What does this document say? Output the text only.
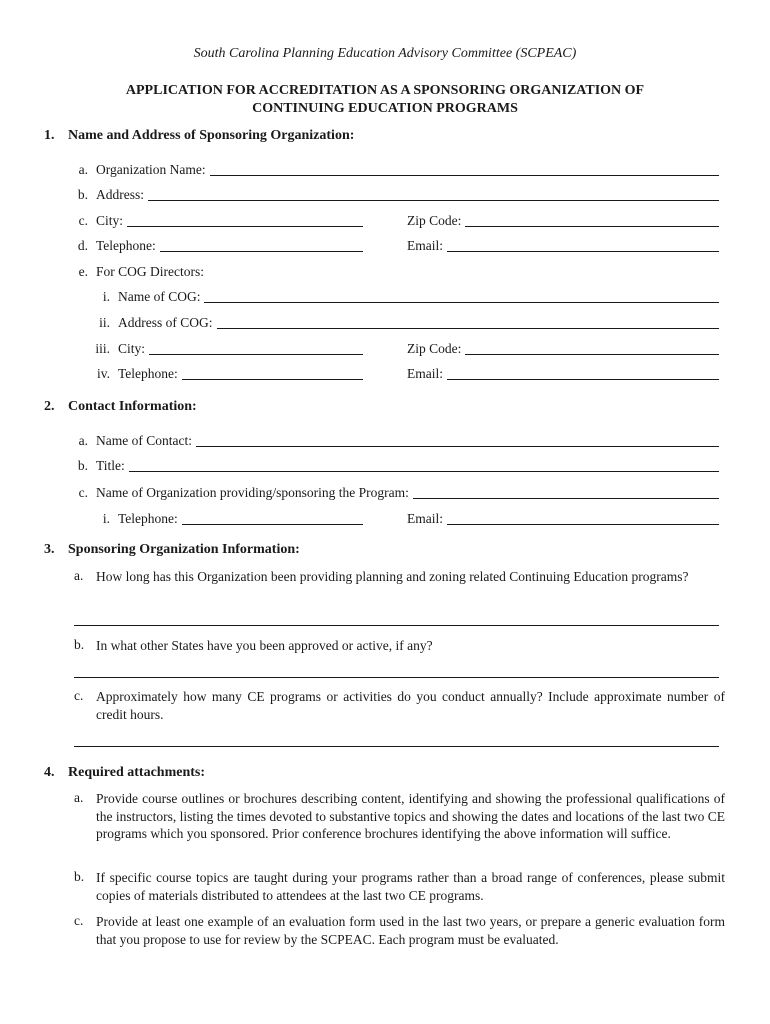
South Carolina Planning Education Advisory Committee (SCPEAC)
APPLICATION FOR ACCREDITATION AS A SPONSORING ORGANIZATION OF
CONTINUING EDUCATION PROGRAMS
1. Name and Address of Sponsoring Organization:
a. Organization Name:
b. Address:
c. City:	Zip Code:
d. Telephone:	Email:
e. For COG Directors:
i. Name of COG:
ii. Address of COG:
iii. City:	Zip Code:
iv. Telephone:	Email:
2. Contact Information:
a. Name of Contact:
b. Title:
c. Name of Organization providing/sponsoring the Program:
i. Telephone:	Email:
3. Sponsoring Organization Information:
a. How long has this Organization been providing planning and zoning related Continuing Education programs?
b. In what other States have you been approved or active, if any?
c. Approximately how many CE programs or activities do you conduct annually? Include approximate number of credit hours.
4. Required attachments:
a. Provide course outlines or brochures describing content, identifying and showing the professional qualifications of the instructors, listing the times devoted to substantive topics and showing the dates and locations of the last two CE programs which you sponsored. Prior conference brochures identifying the above information will suffice.
b. If specific course topics are taught during your programs rather than a broad range of conferences, please submit copies of materials distributed to attendees at the last two CE programs.
c. Provide at least one example of an evaluation form used in the last two years, or prepare a generic evaluation form that you propose to use for review by the SCPEAC. Each program must be evaluated.
